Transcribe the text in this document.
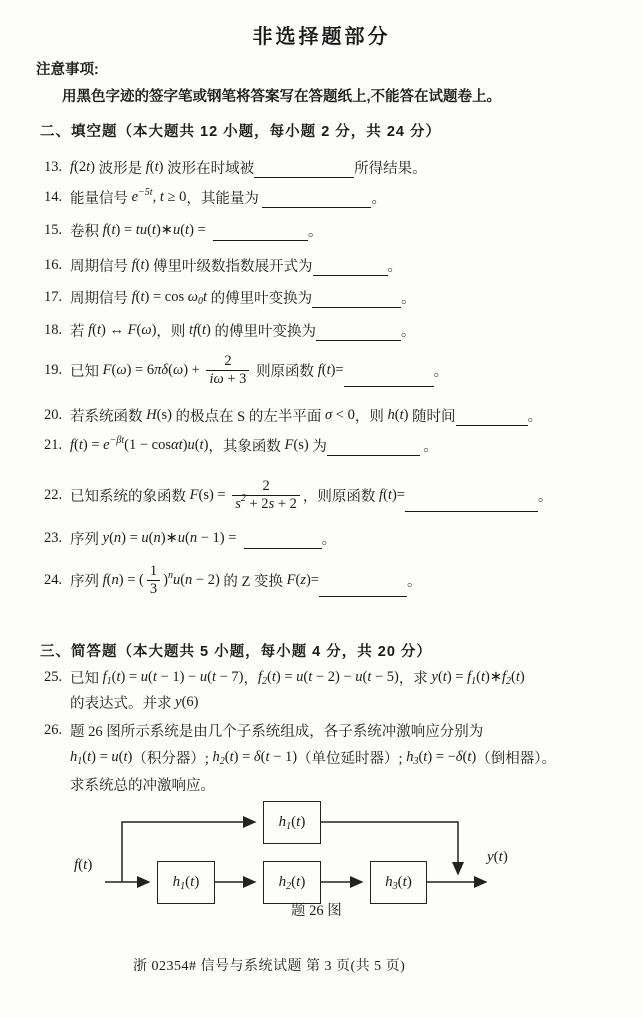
非选择题部分
注意事项:
用黑色字迹的签字笔或钢笔将答案写在答题纸上,不能答在试题卷上。
二、填空题（本大题共 12 小题，每小题 2 分，共 24 分）
13. f (2 t ) 波形是 f ( t ) 波形在时域被	所得结果。
14. 能量信号 e −5t , t ≥ 0 ，其能量为	。
15. 卷积 f ( t ) = tu ( t )∗ u ( t ) =	。
16. 周期信号 f ( t ) 傅里叶级数指数展开式为	。
17. 周期信号 f ( t ) = cos ω 0 t 的傅里叶变换为	。
18. 若 f ( t ) ↔ F ( ω ) ，则 tf ( t ) 的傅里叶变换为	。
19. 已知 F ( ω ) = 6 πδ ( ω ) + $\frac{2}{i\omega + 3}$ 则原函数 f ( t )=	。
20. 若系统函数 H (s) 的极点在 S 的左半平面 σ < 0 ，则 h ( t ) 随时间	。
21. f ( t ) = e −βt (1 − cos αt ) u ( t ) ，其象函数 F (s) 为	。
22. 已知系统的象函数 F $(s) = \frac{2}{s 2 + 2 s + 2}$ ，则原函数 f ( t )=	。
23. 序列 y ( n ) = u ( n )∗ u ( n − 1) =	。
24. 序列 f ( n ) = ( $\frac{1}{3}$ ) n u ( n − 2) 的 Z 变换 F ( z )=	。
三、简答题（本大题共 5 小题，每小题 4 分，共 20 分）
25. 已知 f 1 ( t ) = u ( t − 1) − u ( t − 7) ， f 2 ( t ) = u ( t − 2) − u ( t − 5) ，求 y ( t ) = f 1 ( t )∗ f 2 ( t )
的表达式。并求 y (6)
26. 题 26 图所示系统是由几个子系统组成，各子系统冲激响应分别为
h 1 ( t ) = u ( t ) （积分器）; h 2 ( t ) = δ ( t − 1) （单位延时器）; h 3 ( t ) = − δ ( t ) （倒相器）。
求系统总的冲激响应。
h 1 ( t )
h 1 ( t )	h 2 ( t )	h 3 ( t )
f ( t )	y ( t )
题 26 图
浙 02354# 信号与系统试题 第 3 页(共 5 页)
